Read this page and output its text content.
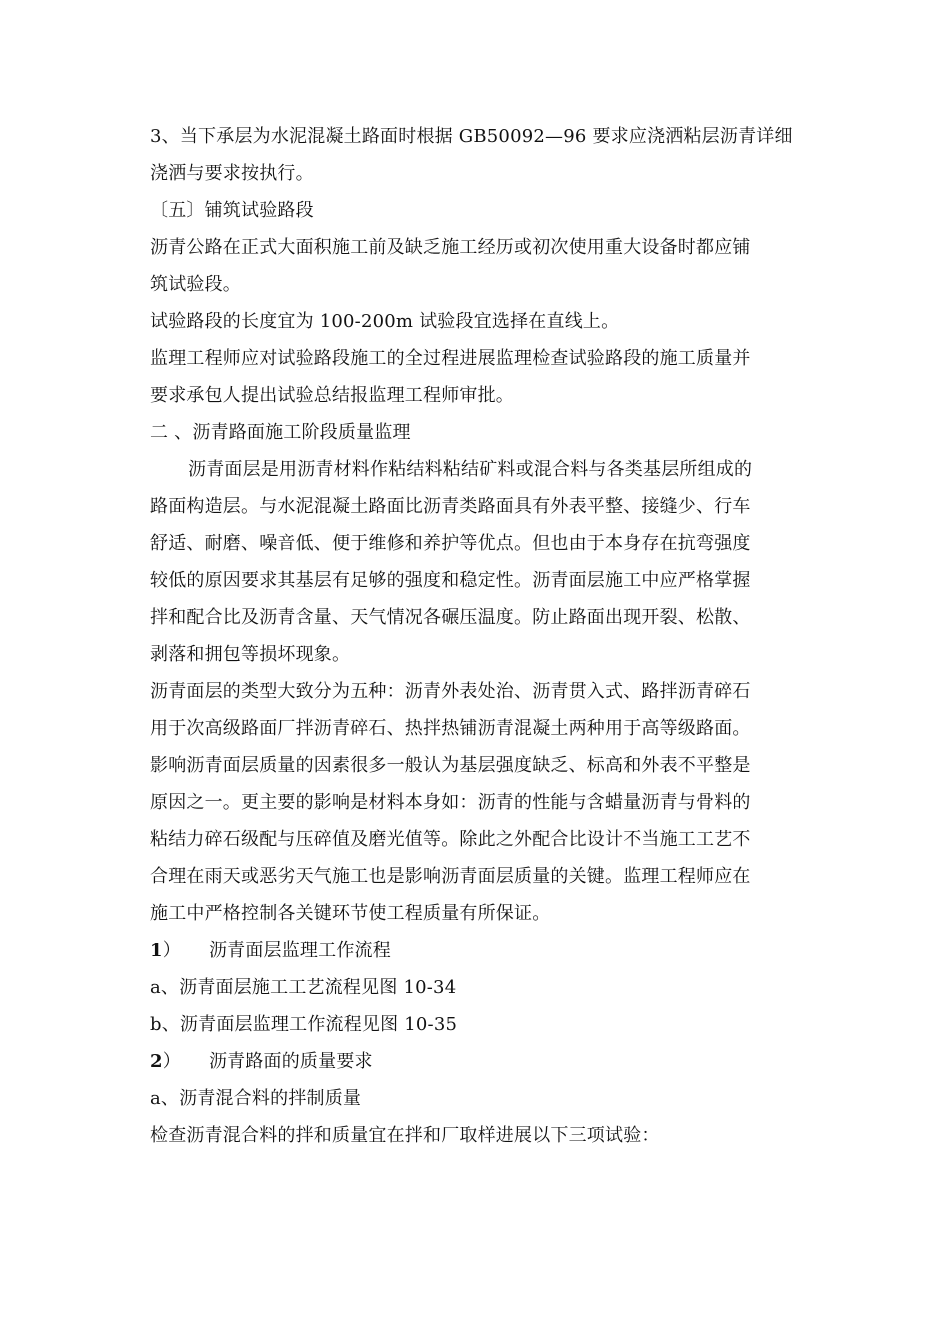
3、当下承层为水泥混凝土路面时根据 GB50092—96 要求应浇洒粘层沥青详细
浇洒与要求按执行。
〔五〕铺筑试验路段
沥青公路在正式大面积施工前及缺乏施工经历或初次使用重大设备时都应铺
筑试验段。
试验路段的长度宜为 100-200m 试验段宜选择在直线上。
监理工程师应对试验路段施工的全过程进展监理检查试验路段的施工质量并
要求承包人提出试验总结报监理工程师审批。
二 、沥青路面施工阶段质量监理
沥青面层是用沥青材料作粘结料粘结矿料或混合料与各类基层所组成的
路面构造层。与水泥混凝土路面比沥青类路面具有外表平整、接缝少、行车
舒适、耐磨、噪音低、便于维修和养护等优点。但也由于本身存在抗弯强度
较低的原因要求其基层有足够的强度和稳定性。沥青面层施工中应严格掌握
拌和配合比及沥青含量、天气情况各碾压温度。防止路面出现开裂、松散、
剥落和拥包等损坏现象。
沥青面层的类型大致分为五种：沥青外表处治、沥青贯入式、路拌沥青碎石
用于次高级路面厂拌沥青碎石、热拌热铺沥青混凝土两种用于高等级路面。
影响沥青面层质量的因素很多一般认为基层强度缺乏、标高和外表不平整是
原因之一。更主要的影响是材料本身如：沥青的性能与含蜡量沥青与骨料的
粘结力碎石级配与压碎值及磨光值等。除此之外配合比设计不当施工工艺不
合理在雨天或恶劣天气施工也是影响沥青面层质量的关键。监理工程师应在
施工中严格控制各关键环节使工程质量有所保证。
1） 沥青面层监理工作流程
a、沥青面层施工工艺流程见图 10-34
b、沥青面层监理工作流程见图 10-35
2） 沥青路面的质量要求
a、沥青混合料的拌制质量
检查沥青混合料的拌和质量宜在拌和厂取样进展以下三项试验：
